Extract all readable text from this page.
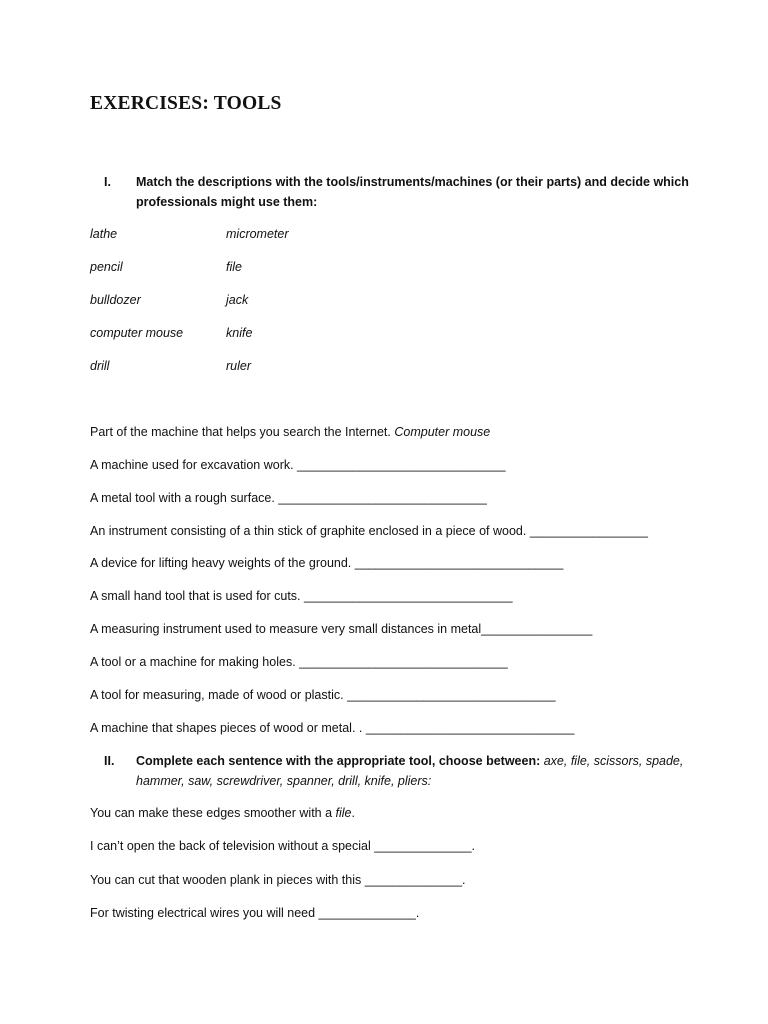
EXERCISES: TOOLS
I. Match the descriptions with the tools/instruments/machines (or their parts) and decide which
professionals might use them:
lathe
pencil
bulldozer
computer mouse
drill
micrometer
file
jack
knife
ruler
Part of the machine that helps you search the Internet. Computer mouse
A machine used for excavation work. ______________________________
A metal tool with a rough surface. ______________________________
An instrument consisting of a thin stick of graphite enclosed in a piece of wood. _________________
A device for lifting heavy weights of the ground. ______________________________
A small hand tool that is used for cuts. ______________________________
A measuring instrument used to measure very small distances in metal________________
A tool or a machine for making holes. ______________________________
A tool for measuring, made of wood or plastic. ______________________________
A machine that shapes pieces of wood or metal. . ______________________________
II. Complete each sentence with the appropriate tool, choose between: axe, file, scissors, spade,
hammer, saw, screwdriver, spanner, drill, knife, pliers:
You can make these edges smoother with a file.
I can’t open the back of television without a special ______________.
You can cut that wooden plank in pieces with this ______________.
For twisting electrical wires you will need ______________.
